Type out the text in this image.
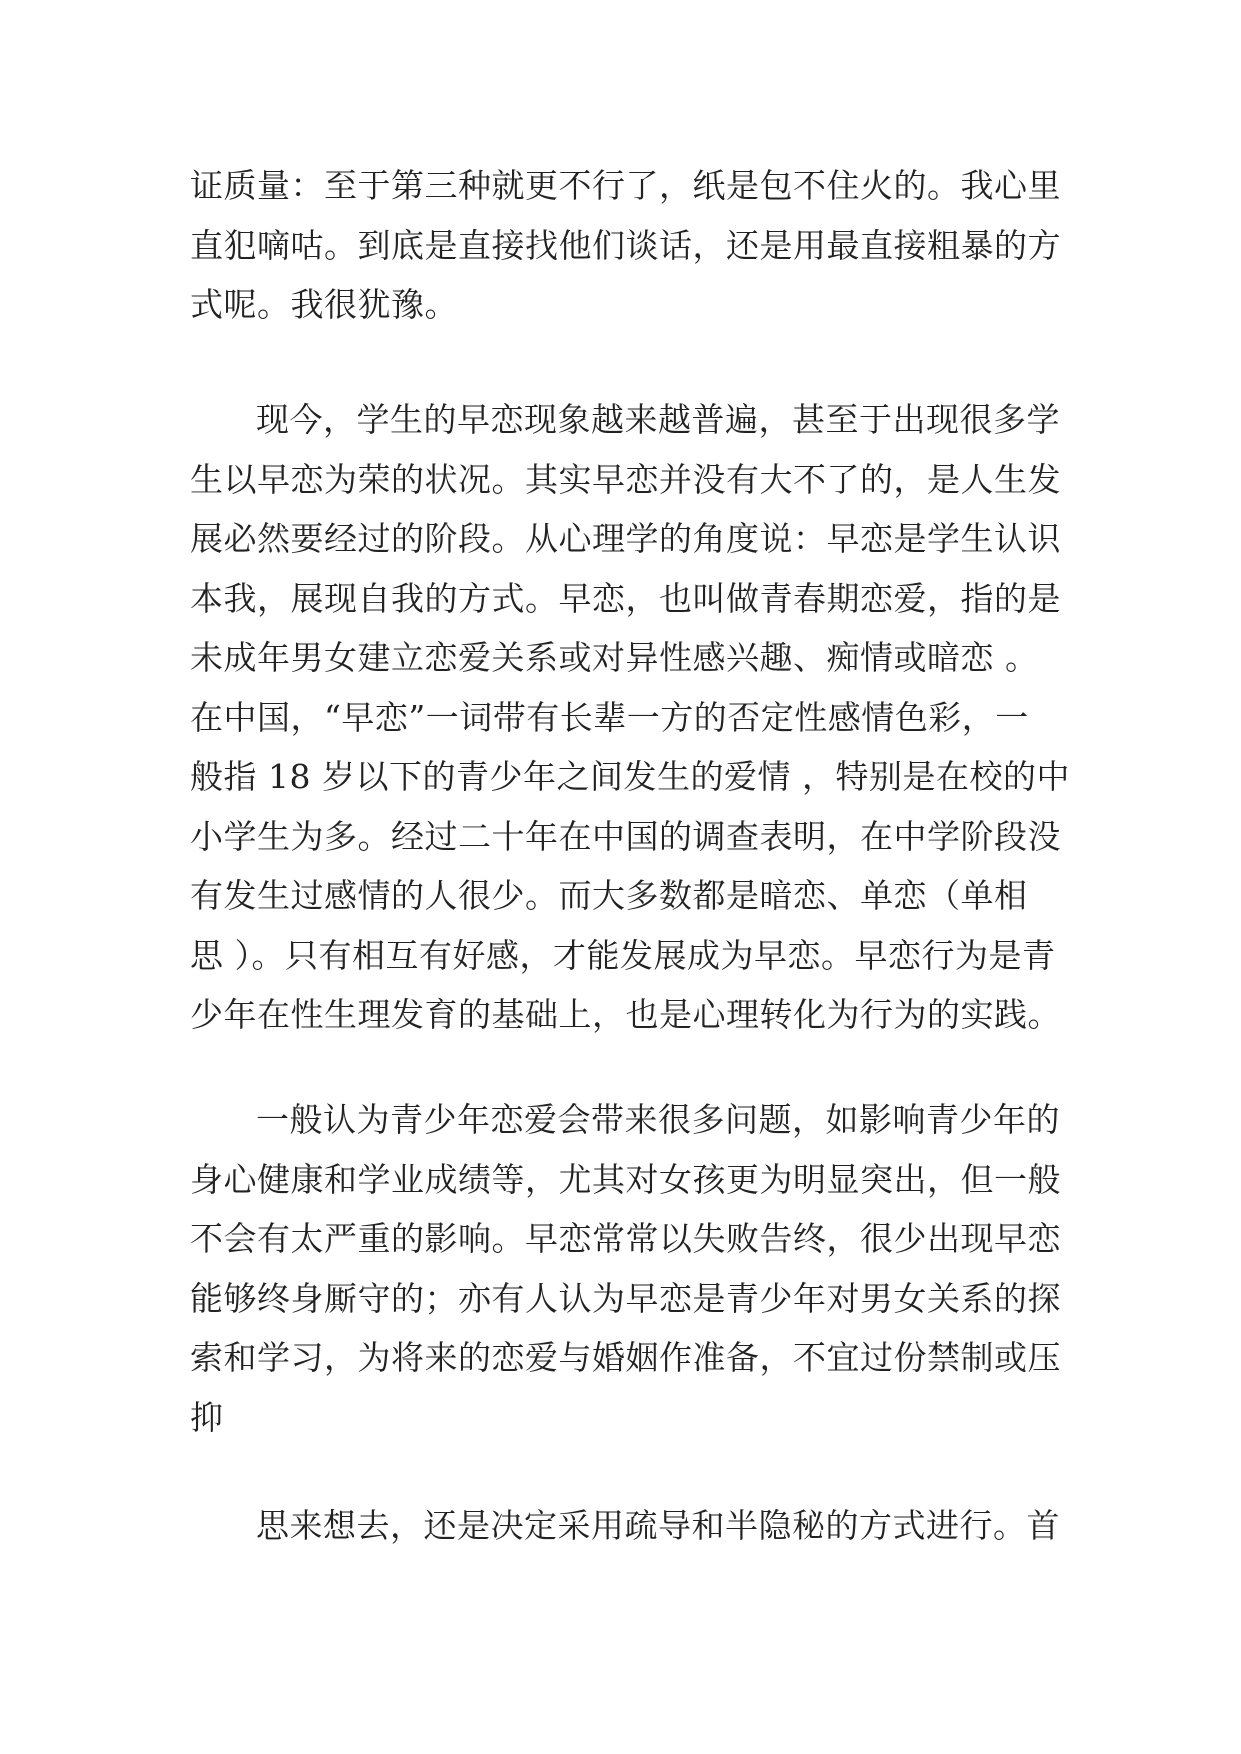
证质量：至于第三种就更不行了，纸是包不住火的。我心里
直犯嘀咕。到底是直接找他们谈话，还是用最直接粗暴的方
式呢。我很犹豫。
现今，学生的早恋现象越来越普遍，甚至于出现很多学
生以早恋为荣的状况。其实早恋并没有大不了的，是人生发
展必然要经过的阶段。从心理学的角度说：早恋是学生认识
本我，展现自我的方式。早恋，也叫做青春期恋爱，指的是
未成年男女建立恋爱关系或对异性感兴趣、痴情或暗恋 。
在中国，“早恋”一词带有长辈一方的否定性感情色彩，一
般指 18 岁以下的青少年之间发生的爱情 ，特别是在校的中
小学生为多。经过二十年在中国的调查表明，在中学阶段没
有发生过感情的人很少。而大多数都是暗恋、单恋（单相
思 ）。只有相互有好感，才能发展成为早恋。早恋行为是青
少年在性生理发育的基础上，也是心理转化为行为的实践。
一般认为青少年恋爱会带来很多问题，如影响青少年的
身心健康和学业成绩等，尤其对女孩更为明显突出，但一般
不会有太严重的影响。早恋常常以失败告终，很少出现早恋
能够终身厮守的；亦有人认为早恋是青少年对男女关系的探
索和学习，为将来的恋爱与婚姻作准备，不宜过份禁制或压
抑
思来想去，还是决定采用疏导和半隐秘的方式进行。首
